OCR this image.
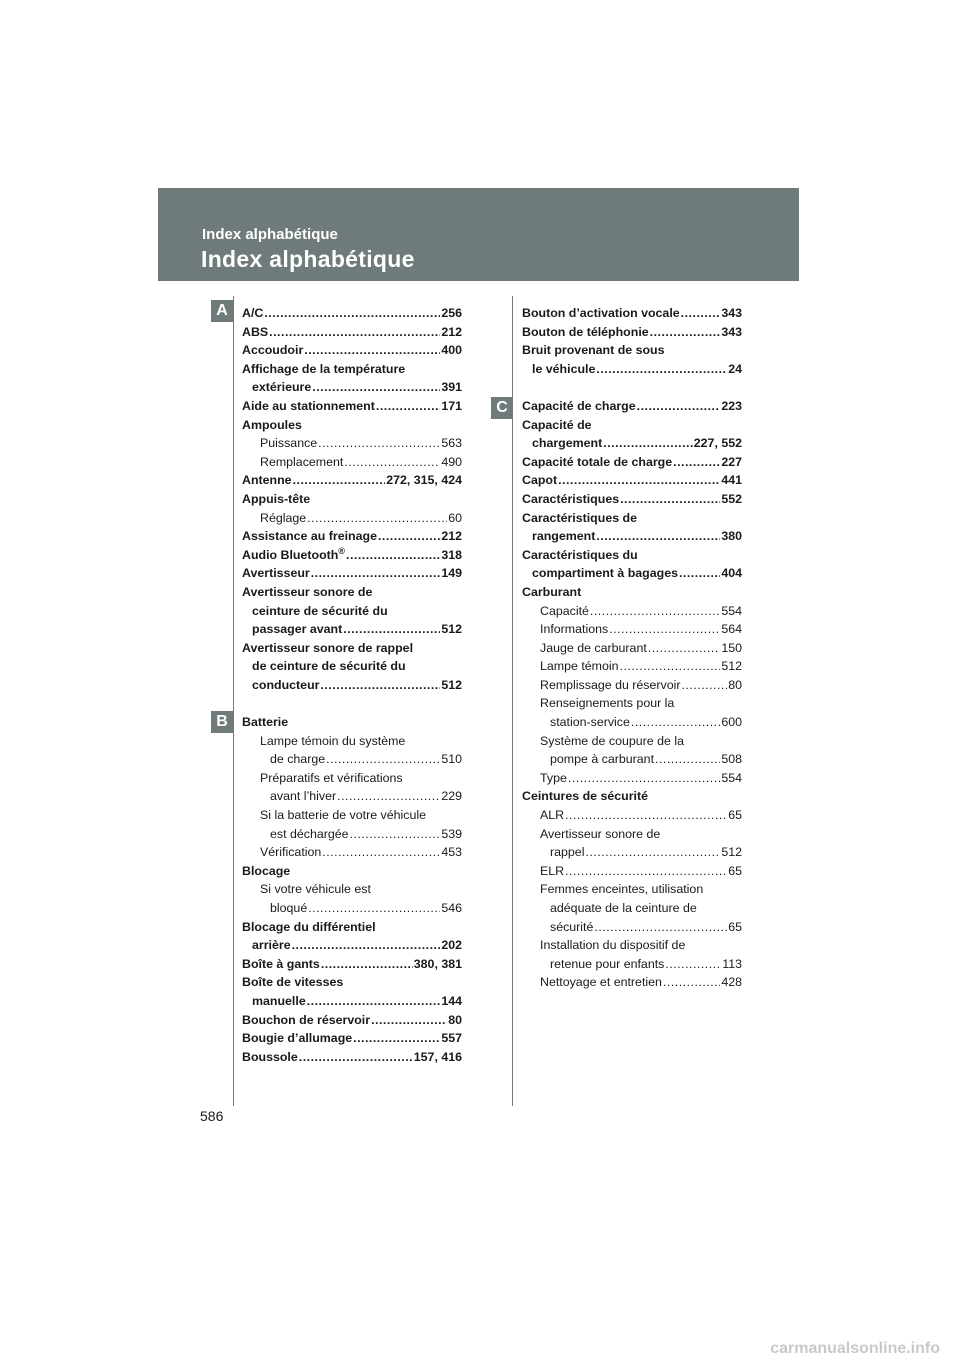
Index alphabétique
Index alphabétique
A
B
C
A/C .....	256
ABS .....	212
Accoudoir .....	400
Affichage de la température
extérieure .....	391
Aide au stationnement .....	171
Ampoules
Puissance .....	563
Remplacement .....	490
Antenne .....	272, 315, 424
Appuis-tête
Réglage .....	60
Assistance au freinage .....	212
Audio Bluetooth® .....	318
Avertisseur .....	149
Avertisseur sonore de
ceinture de sécurité du
passager avant .....	512
Avertisseur sonore de rappel
de ceinture de sécurité du
conducteur .....	512
Batterie
Lampe témoin du système
de charge .....	510
Préparatifs et vérifications
avant l’hiver .....	229
Si la batterie de votre véhicule
est déchargée .....	539
Vérification .....	453
Blocage
Si votre véhicule est
bloqué .....	546
Blocage du différentiel
arrière .....	202
Boîte à gants .....	380, 381
Boîte de vitesses
manuelle .....	144
Bouchon de réservoir .....	80
Bougie d’allumage .....	557
Boussole .....	157, 416
Bouton d’activation vocale .....	343
Bouton de téléphonie .....	343
Bruit provenant de sous
le véhicule .....	24
Capacité de charge .....	223
Capacité de
chargement .....	227, 552
Capacité totale de charge .....	227
Capot .....	441
Caractéristiques .....	552
Caractéristiques de
rangement .....	380
Caractéristiques du
compartiment à bagages .....	404
Carburant
Capacité .....	554
Informations .....	564
Jauge de carburant .....	150
Lampe témoin .....	512
Remplissage du réservoir .....	80
Renseignements pour la
station-service .....	600
Système de coupure de la
pompe à carburant .....	508
Type .....	554
Ceintures de sécurité
ALR .....	65
Avertisseur sonore de
rappel .....	512
ELR .....	65
Femmes enceintes, utilisation
adéquate de la ceinture de
sécurité .....	65
Installation du dispositif de
retenue pour enfants .....	113
Nettoyage et entretien .....	428
586
carmanualsonline.info
